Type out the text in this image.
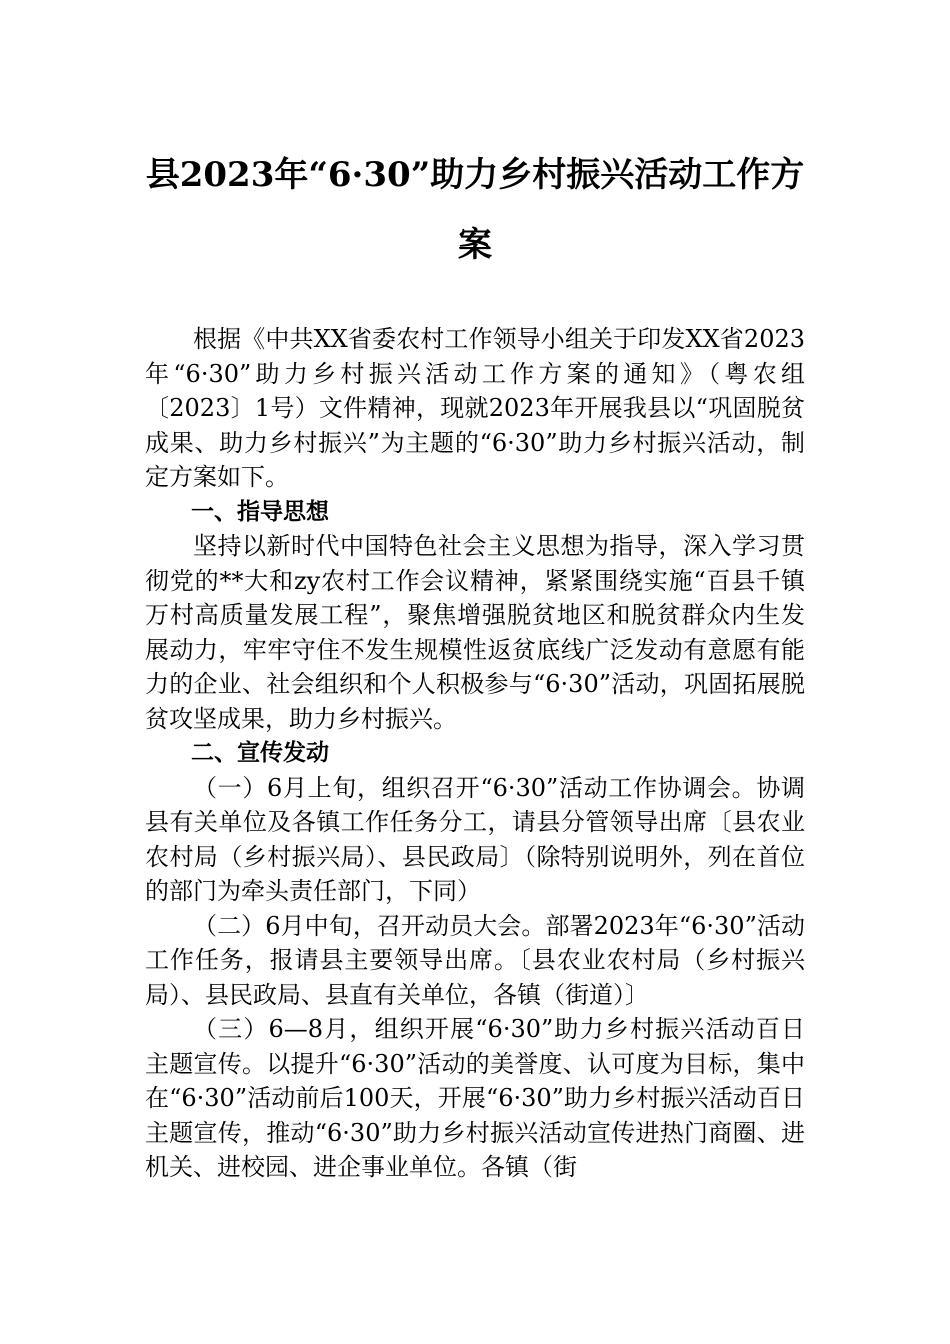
县2023年“6·30”助力乡村振兴活动工作方
案

根据《中共XX省委农村工作领导小组关于印发XX省2023年“6·30”助力乡村振兴活动工作方案的通知》（粤农组〔2023〕1号）文件精神，现就2023年开展我县以“巩固脱贫成果、助力乡村振兴”为主题的“6·30”助力乡村振兴活动，制定方案如下。

一、指导思想

坚持以新时代中国特色社会主义思想为指导，深入学习贯彻党的**大和zy农村工作会议精神，紧紧围绕实施“百县千镇万村高质量发展工程”，聚焦增强脱贫地区和脱贫群众内生发展动力，牢牢守住不发生规模性返贫底线广泛发动有意愿有能力的企业、社会组织和个人积极参与“6·30”活动，巩固拓展脱贫攻坚成果，助力乡村振兴。

二、宣传发动

（一）6月上旬，组织召开“6·30”活动工作协调会。协调县有关单位及各镇工作任务分工，请县分管领导出席〔县农业农村局（乡村振兴局）、县民政局〕（除特别说明外，列在首位的部门为牵头责任部门，下同）

（二）6月中旬，召开动员大会。部署2023年“6·30”活动工作任务，报请县主要领导出席。〔县农业农村局（乡村振兴局）、县民政局、县直有关单位，各镇（街道）〕

（三）6—8月，组织开展“6·30”助力乡村振兴活动百日主题宣传。以提升“6·30”活动的美誉度、认可度为目标，集中在“6·30”活动前后100天，开展“6·30”助力乡村振兴活动百日主题宣传，推动“6·30”助力乡村振兴活动宣传进热门商圈、进机关、进校园、进企事业单位。各镇（街
